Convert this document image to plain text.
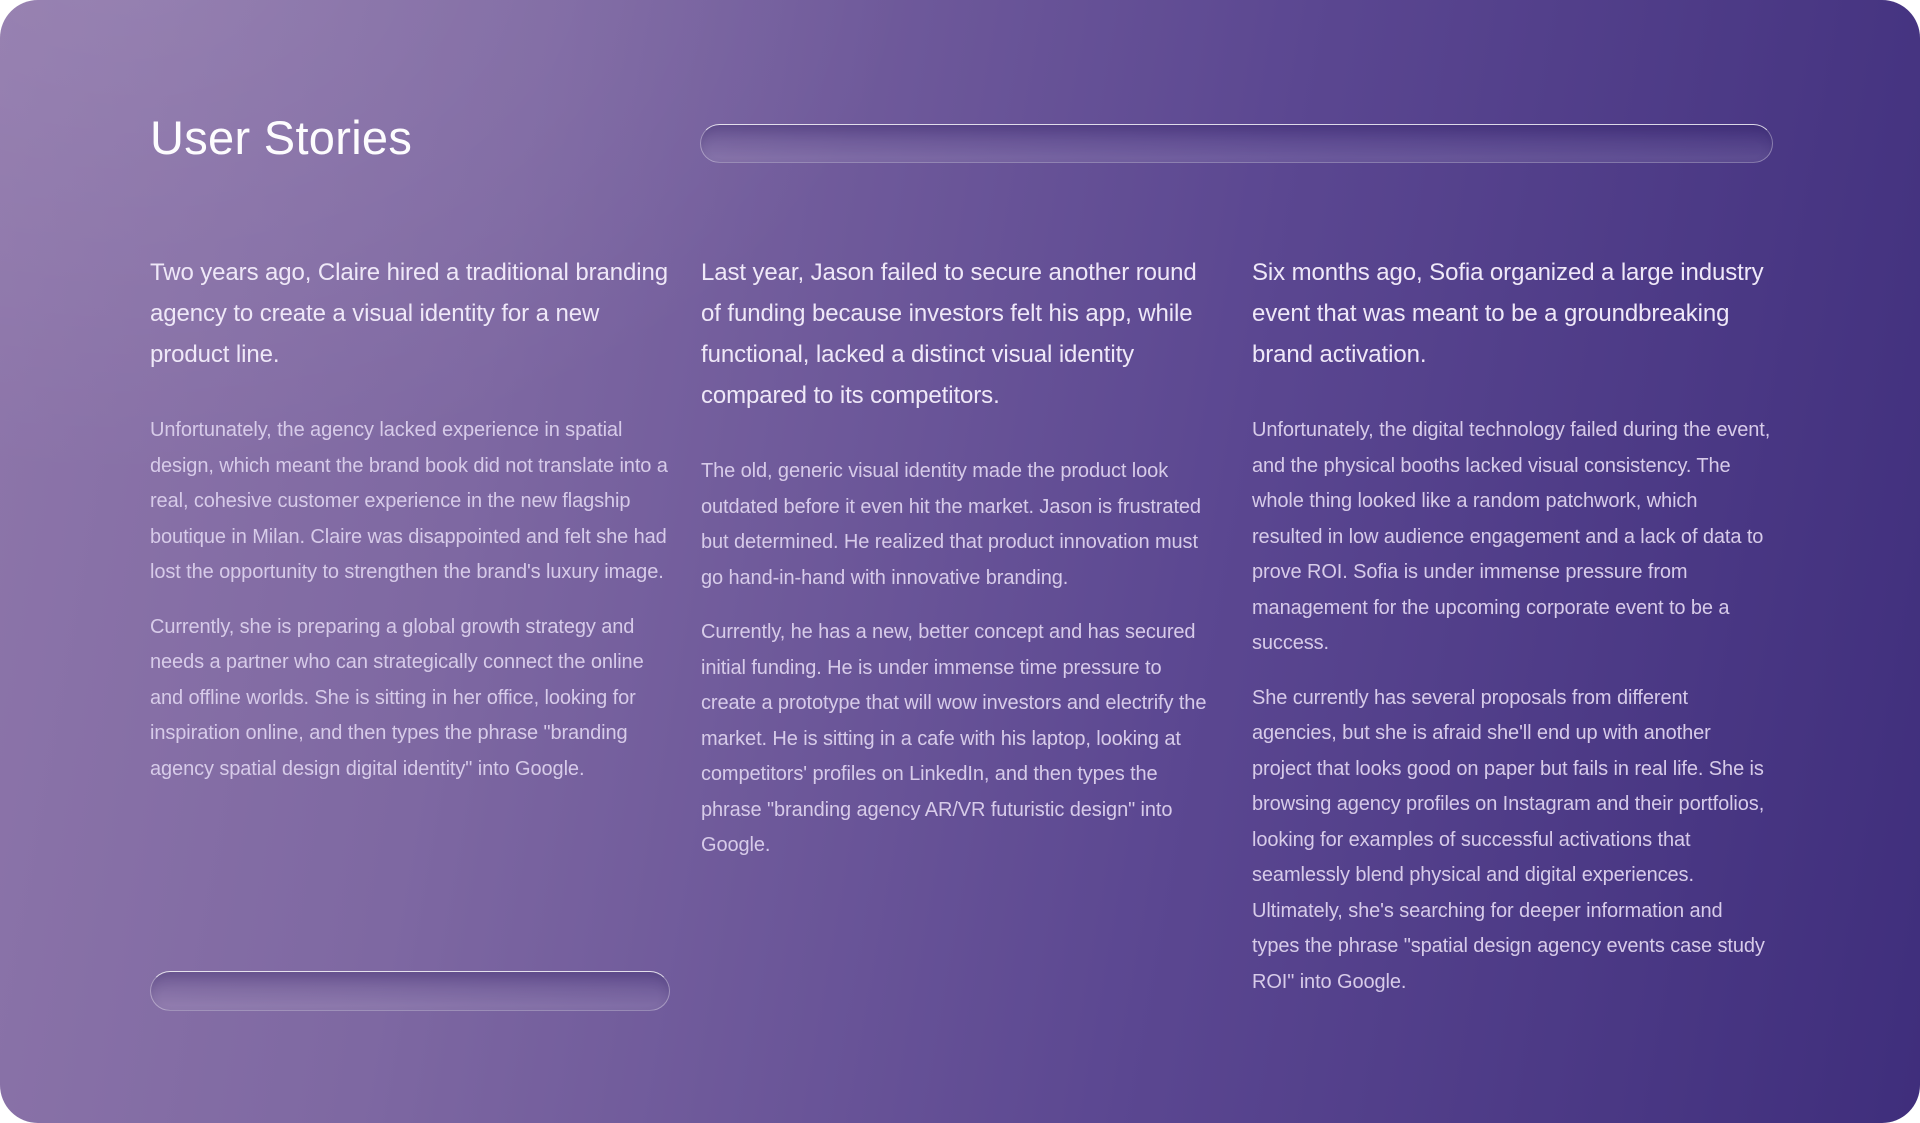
User Stories
Two years ago, Claire hired a traditional branding agency to create a visual identity for a new product line.

Unfortunately, the agency lacked experience in spatial design, which meant the brand book did not translate into a real, cohesive customer experience in the new flagship boutique in Milan. Claire was disappointed and felt she had lost the opportunity to strengthen the brand's luxury image.

Currently, she is preparing a global growth strategy and needs a partner who can strategically connect the online and offline worlds. She is sitting in her office, looking for inspiration online, and then types the phrase "branding agency spatial design digital identity" into Google.

Last year, Jason failed to secure another round of funding because investors felt his app, while functional, lacked a distinct visual identity compared to its competitors.

The old, generic visual identity made the product look outdated before it even hit the market. Jason is frustrated but determined. He realized that product innovation must go hand-in-hand with innovative branding.

Currently, he has a new, better concept and has secured initial funding. He is under immense time pressure to create a prototype that will wow investors and electrify the market. He is sitting in a cafe with his laptop, looking at competitors' profiles on LinkedIn, and then types the phrase "branding agency AR/VR futuristic design" into Google.

Six months ago, Sofia organized a large industry event that was meant to be a groundbreaking brand activation.

Unfortunately, the digital technology failed during the event, and the physical booths lacked visual consistency. The whole thing looked like a random patchwork, which resulted in low audience engagement and a lack of data to prove ROI. Sofia is under immense pressure from management for the upcoming corporate event to be a success.

She currently has several proposals from different agencies, but she is afraid she'll end up with another project that looks good on paper but fails in real life. She is browsing agency profiles on Instagram and their portfolios, looking for examples of successful activations that seamlessly blend physical and digital experiences. Ultimately, she's searching for deeper information and types the phrase "spatial design agency events case study ROI" into Google.
